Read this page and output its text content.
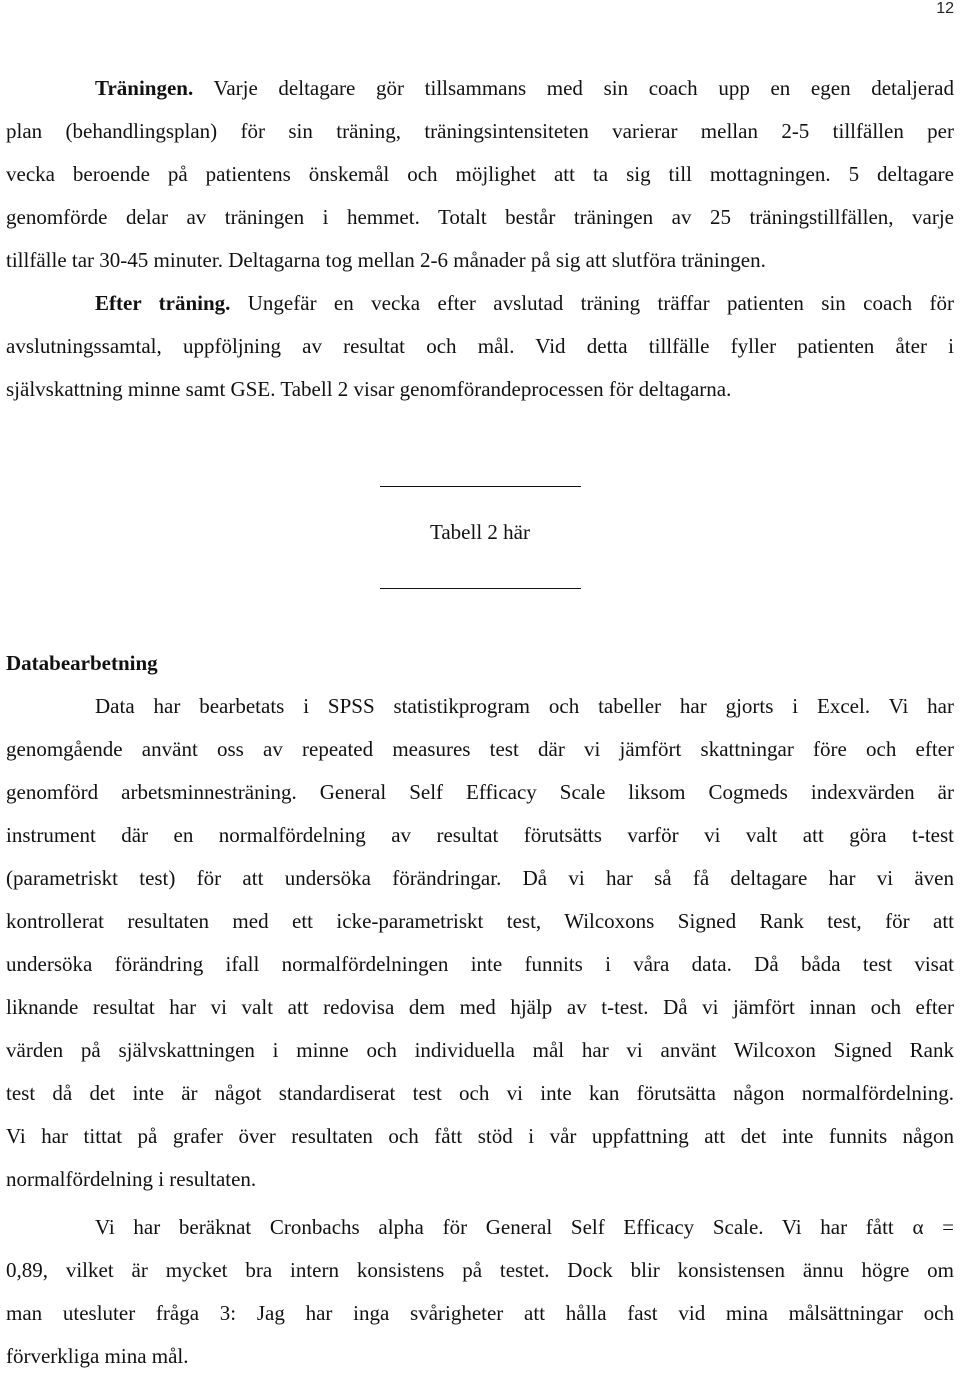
12
Träningen. Varje deltagare gör tillsammans med sin coach upp en egen detaljerad
plan (behandlingsplan) för sin träning, träningsintensiteten varierar mellan 2-5 tillfällen per
vecka beroende på patientens önskemål och möjlighet att ta sig till mottagningen. 5 deltagare
genomförde delar av träningen i hemmet. Totalt består träningen av 25 träningstillfällen, varje
tillfälle tar 30-45 minuter. Deltagarna tog mellan 2-6 månader på sig att slutföra träningen.
Efter träning. Ungefär en vecka efter avslutad träning träffar patienten sin coach för
avslutningssamtal, uppföljning av resultat och mål. Vid detta tillfälle fyller patienten åter i
självskattning minne samt GSE. Tabell 2 visar genomförandeprocessen för deltagarna.
Tabell 2 här
Databearbetning
Data har bearbetats i SPSS statistikprogram och tabeller har gjorts i Excel. Vi har
genomgående använt oss av repeated measures test där vi jämfört skattningar före och efter
genomförd arbetsminnesträning. General Self Efficacy Scale liksom Cogmeds indexvärden är
instrument där en normalfördelning av resultat förutsätts varför vi valt att göra t-test
(parametriskt test) för att undersöka förändringar. Då vi har så få deltagare har vi även
kontrollerat resultaten med ett icke-parametriskt test, Wilcoxons Signed Rank test, för att
undersöka förändring ifall normalfördelningen inte funnits i våra data. Då båda test visat
liknande resultat har vi valt att redovisa dem med hjälp av t-test. Då vi jämfört innan och efter
värden på självskattningen i minne och individuella mål har vi använt Wilcoxon Signed Rank
test då det inte är något standardiserat test och vi inte kan förutsätta någon normalfördelning.
Vi har tittat på grafer över resultaten och fått stöd i vår uppfattning att det inte funnits någon
normalfördelning i resultaten.
Vi har beräknat Cronbachs alpha för General Self Efficacy Scale. Vi har fått α =
0,89, vilket är mycket bra intern konsistens på testet. Dock blir konsistensen ännu högre om
man utesluter fråga 3: Jag har inga svårigheter att hålla fast vid mina målsättningar och
förverkliga mina mål.
